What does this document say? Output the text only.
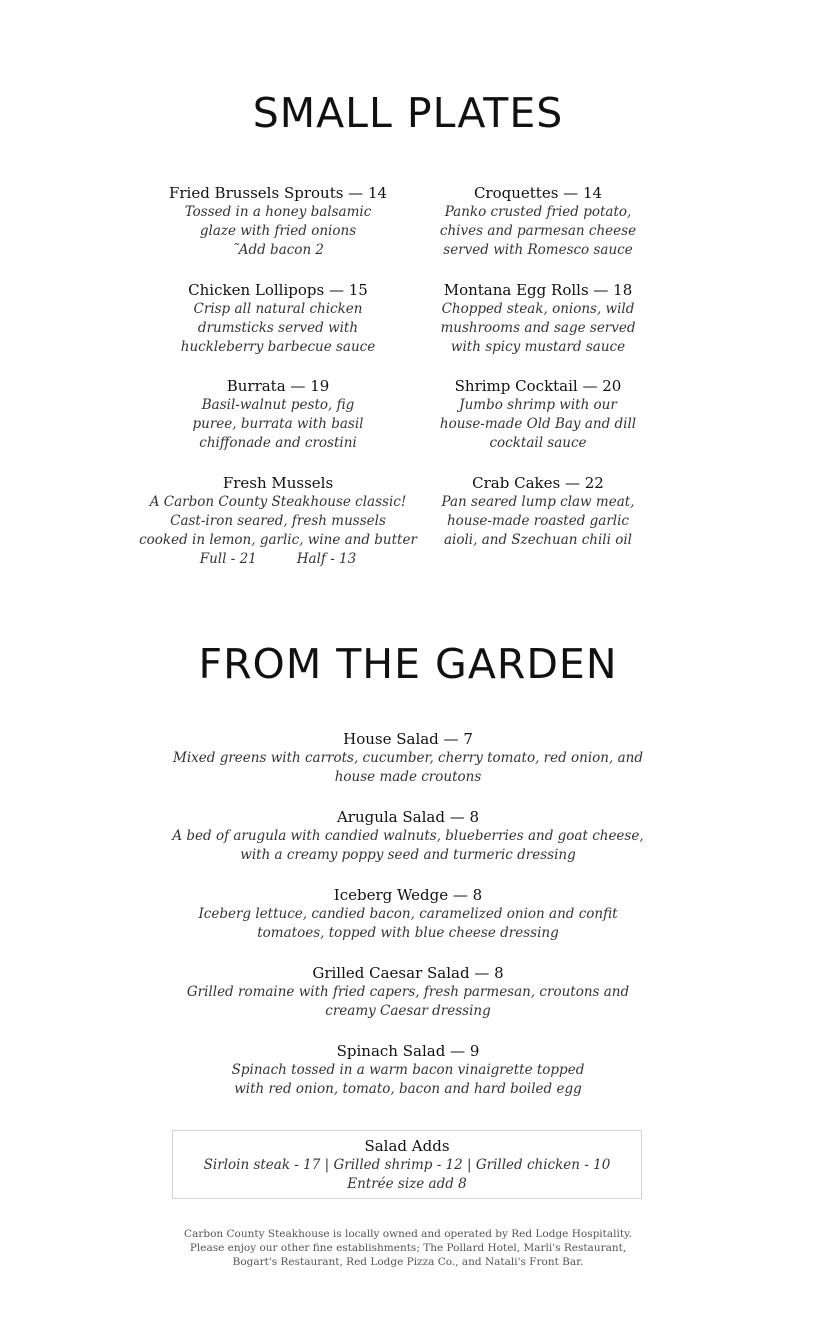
SMALL PLATES

Fried Brussels Sprouts — 14

Tossed in a honey balsamic

glaze with fried onions

˜Add bacon 2

Chicken Lollipops — 15

Crisp all natural chicken

drumsticks served with

huckleberry barbecue sauce

Burrata — 19

Basil-walnut pesto, fig

puree, burrata with basil

chiffonade and crostini

Fresh Mussels

A Carbon County Steakhouse classic!

Cast-iron seared, fresh mussels

cooked in lemon, garlic, wine and butter

Full - 21	Half - 13

Croquettes — 14

Panko crusted fried potato,

chives and parmesan cheese

served with Romesco sauce

Montana Egg Rolls — 18

Chopped steak, onions, wild

mushrooms and sage served

with spicy mustard sauce

Shrimp Cocktail — 20

Jumbo shrimp with our

house-made Old Bay and dill

cocktail sauce

Crab Cakes — 22

Pan seared lump claw meat,

house-made roasted garlic

aioli, and Szechuan chili oil

FROM THE GARDEN

House Salad — 7

Mixed greens with carrots, cucumber, cherry tomato, red onion, and

house made croutons

Arugula Salad — 8

A bed of arugula with candied walnuts, blueberries and goat cheese,

with a creamy poppy seed and turmeric dressing

Iceberg Wedge — 8

Iceberg lettuce, candied bacon, caramelized onion and confit

tomatoes, topped with blue cheese dressing

Grilled Caesar Salad — 8

Grilled romaine with fried capers, fresh parmesan, croutons and

creamy Caesar dressing

Spinach Salad — 9

Spinach tossed in a warm bacon vinaigrette topped

with red onion, tomato, bacon and hard boiled egg

Salad Adds

Sirloin steak - 17 | Grilled shrimp - 12 | Grilled chicken - 10

Entrée size add 8

Carbon County Steakhouse is locally owned and operated by Red Lodge Hospitality.
Please enjoy our other fine establishments; The Pollard Hotel, Marli's Restaurant,
Bogart's Restaurant, Red Lodge Pizza Co., and Natali's Front Bar.
